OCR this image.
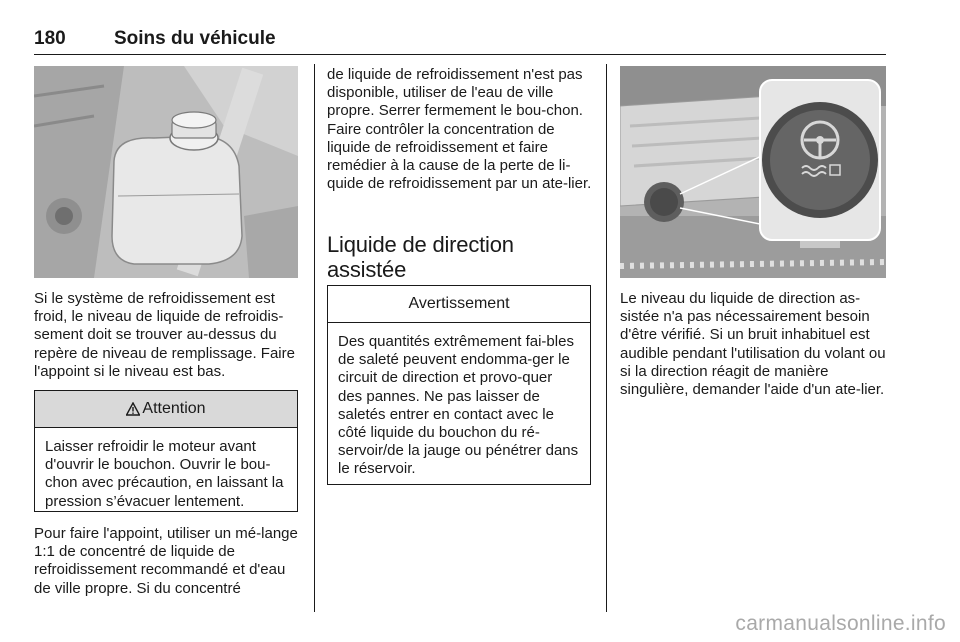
180	Soins du véhicule

Si le système de refroidissement est froid, le niveau de liquide de refroidis-sement doit se trouver au-dessus du repère de niveau de remplissage. Faire l'appoint si le niveau est bas.

Attention
Laisser refroidir le moteur avant d'ouvrir le bouchon. Ouvrir le bou-chon avec précaution, en laissant la pression s’évacuer lentement.

Pour faire l'appoint, utiliser un mé-lange 1:1 de concentré de liquide de refroidissement recommandé et d'eau de ville propre. Si du concentré

de liquide de refroidissement n'est pas disponible, utiliser de l'eau de ville propre. Serrer fermement le bou-chon. Faire contrôler la concentration de liquide de refroidissement et faire remédier à la cause de la perte de li-quide de refroidissement par un ate-lier.

Liquide de direction assistée
Avertissement
Des quantités extrêmement fai-bles de saleté peuvent endomma-ger le circuit de direction et provo-quer des pannes. Ne pas laisser de saletés entrer en contact avec le côté liquide du bouchon du ré-servoir/de la jauge ou pénétrer dans le réservoir.

Le niveau du liquide de direction as-sistée n'a pas nécessairement besoin d'être vérifié. Si un bruit inhabituel est audible pendant l'utilisation du volant ou si la direction réagit de manière singulière, demander l'aide d'un ate-lier.

carmanualsonline.info
